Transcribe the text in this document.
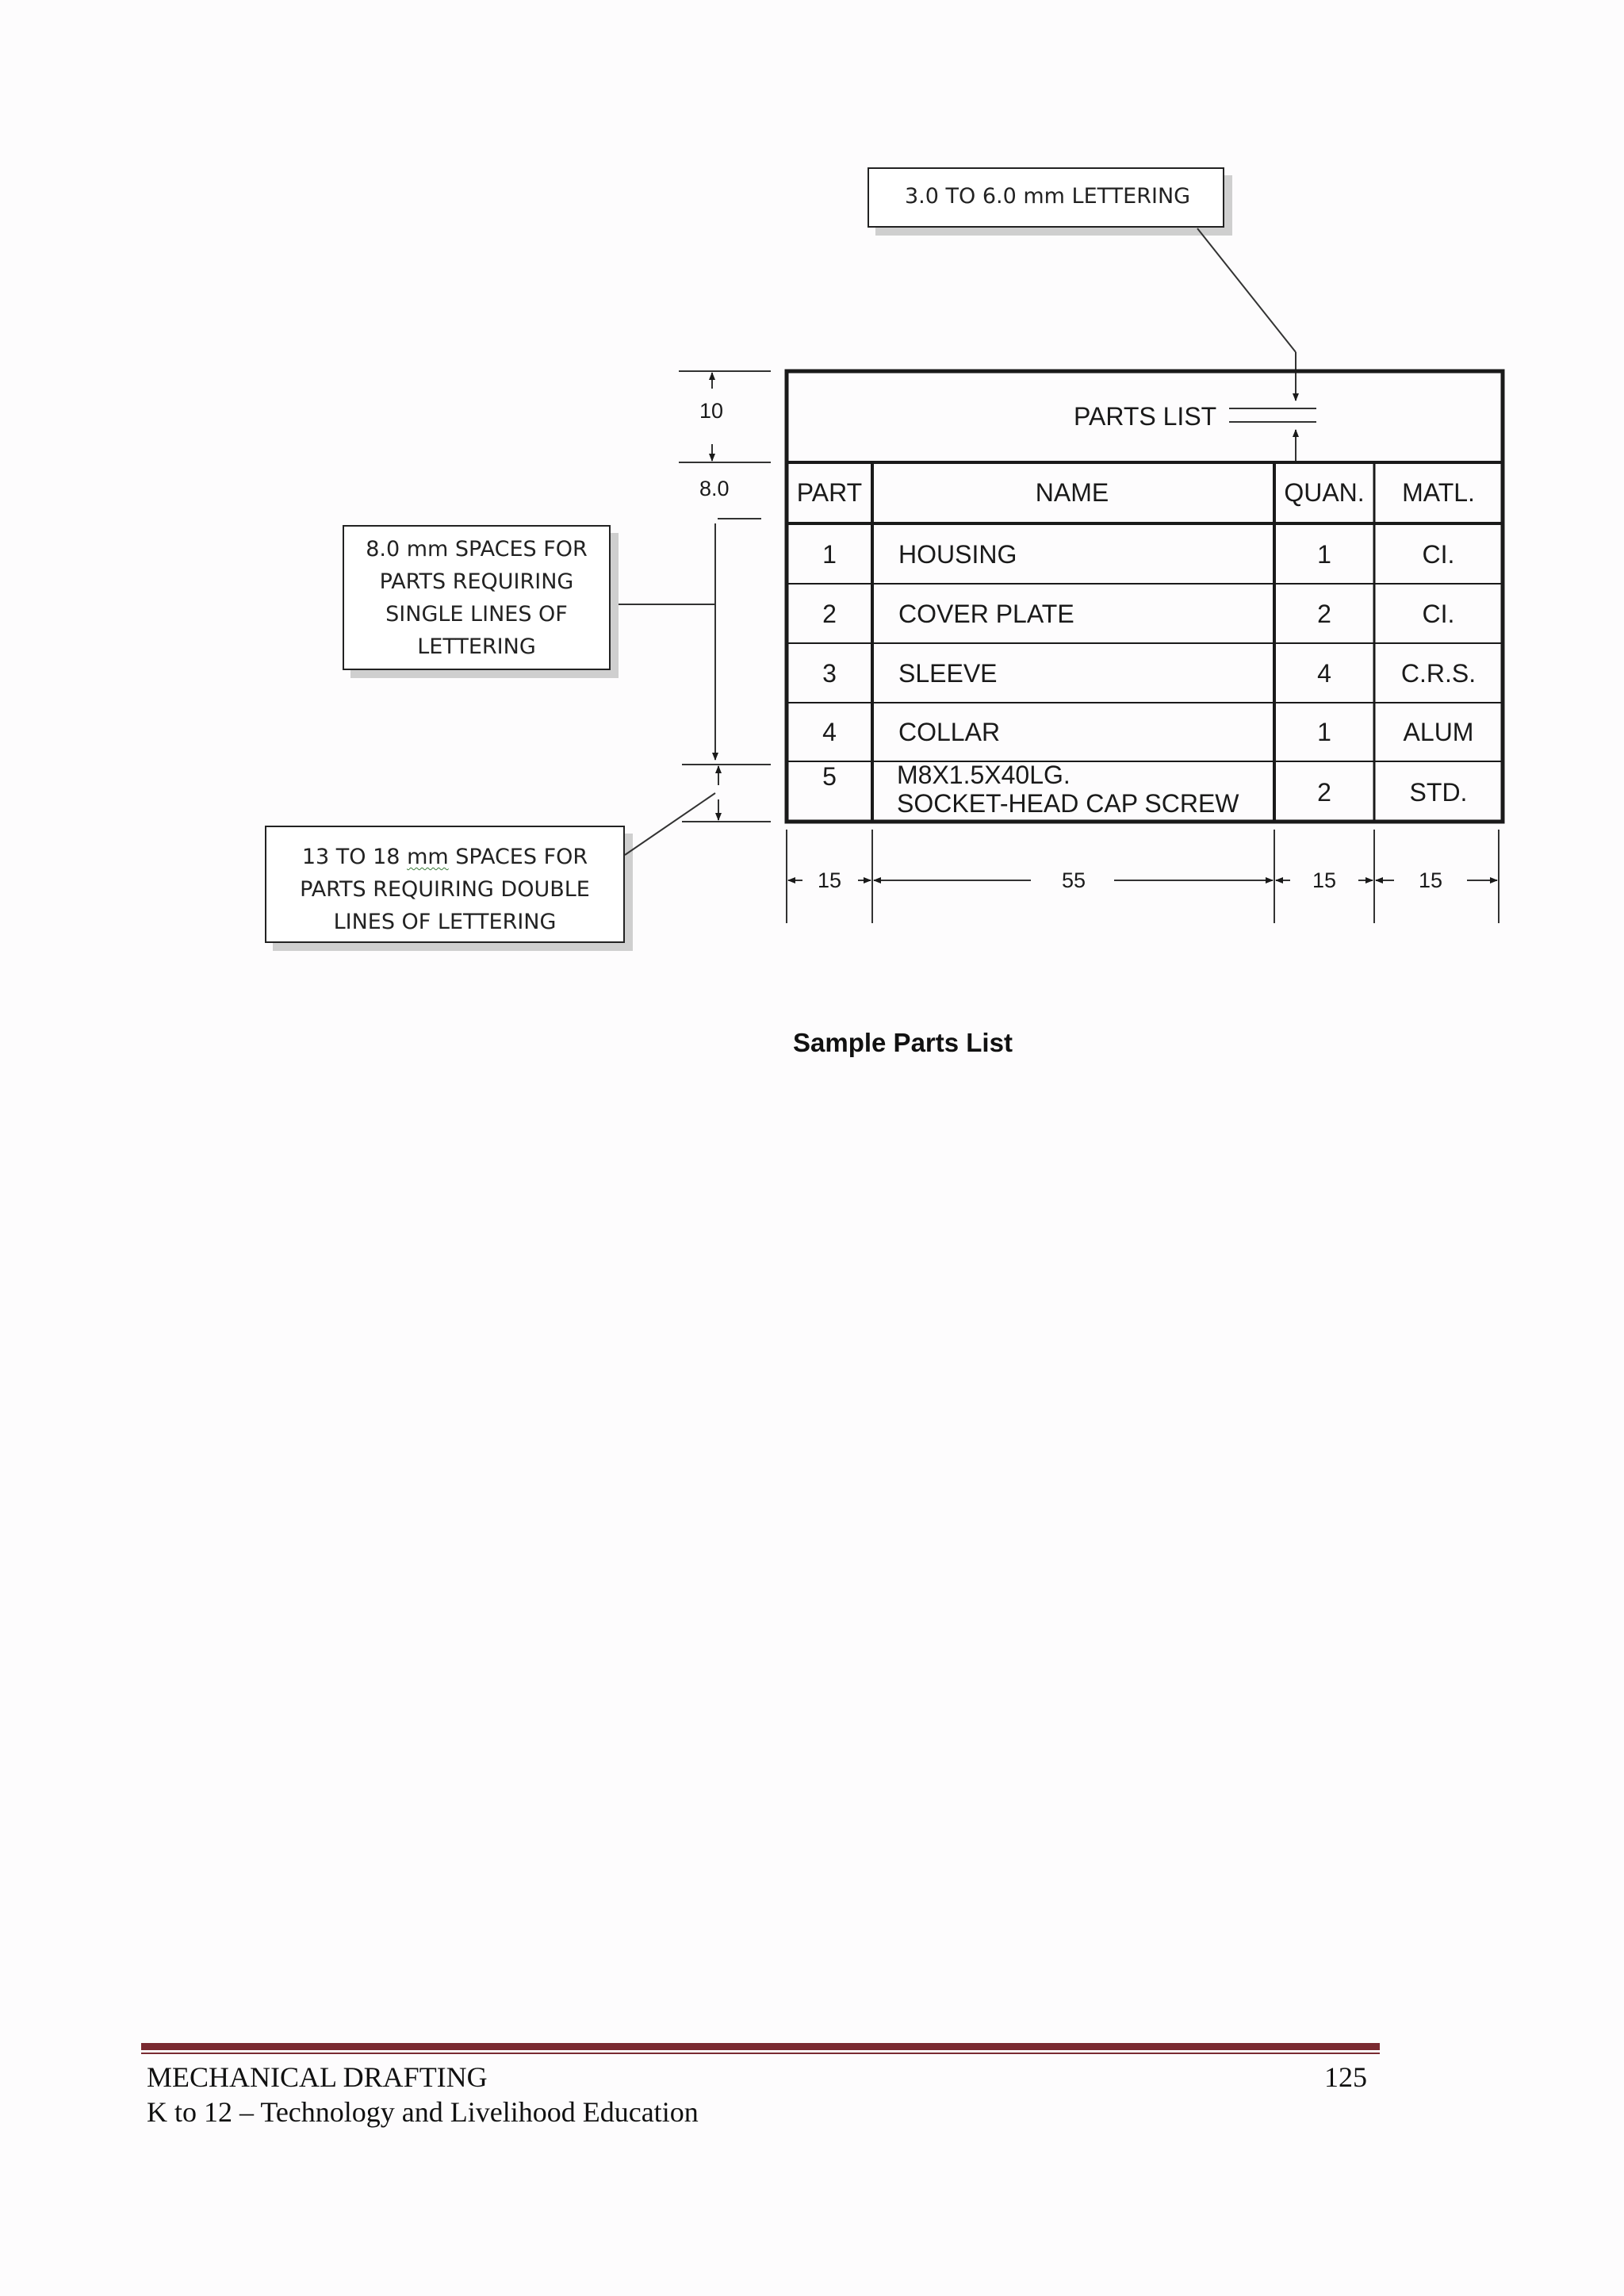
3.0 TO 6.0 mm LETTERING
8.0 mm SPACES FOR
PARTS REQUIRING
SINGLE LINES OF
LETTERING
13 TO 18 mm SPACES FOR
PARTS REQUIRING DOUBLE
LINES OF LETTERING
PARTS LIST
PART	NAME	QUAN. MATL.
1 HOUSING	1	CI.
2 COVER PLATE	2	CI.
3 SLEEVE	4	C.R.S.
4 COLLAR	1	ALUM
5 M8X1.5X40LG.
SOCKET-HEAD CAP SCREW	2	STD.
10
8.0
15	55	15	15
Sample Parts List
MECHANICAL DRAFTING
K to 12 – Technology and Livelihood Education
125
